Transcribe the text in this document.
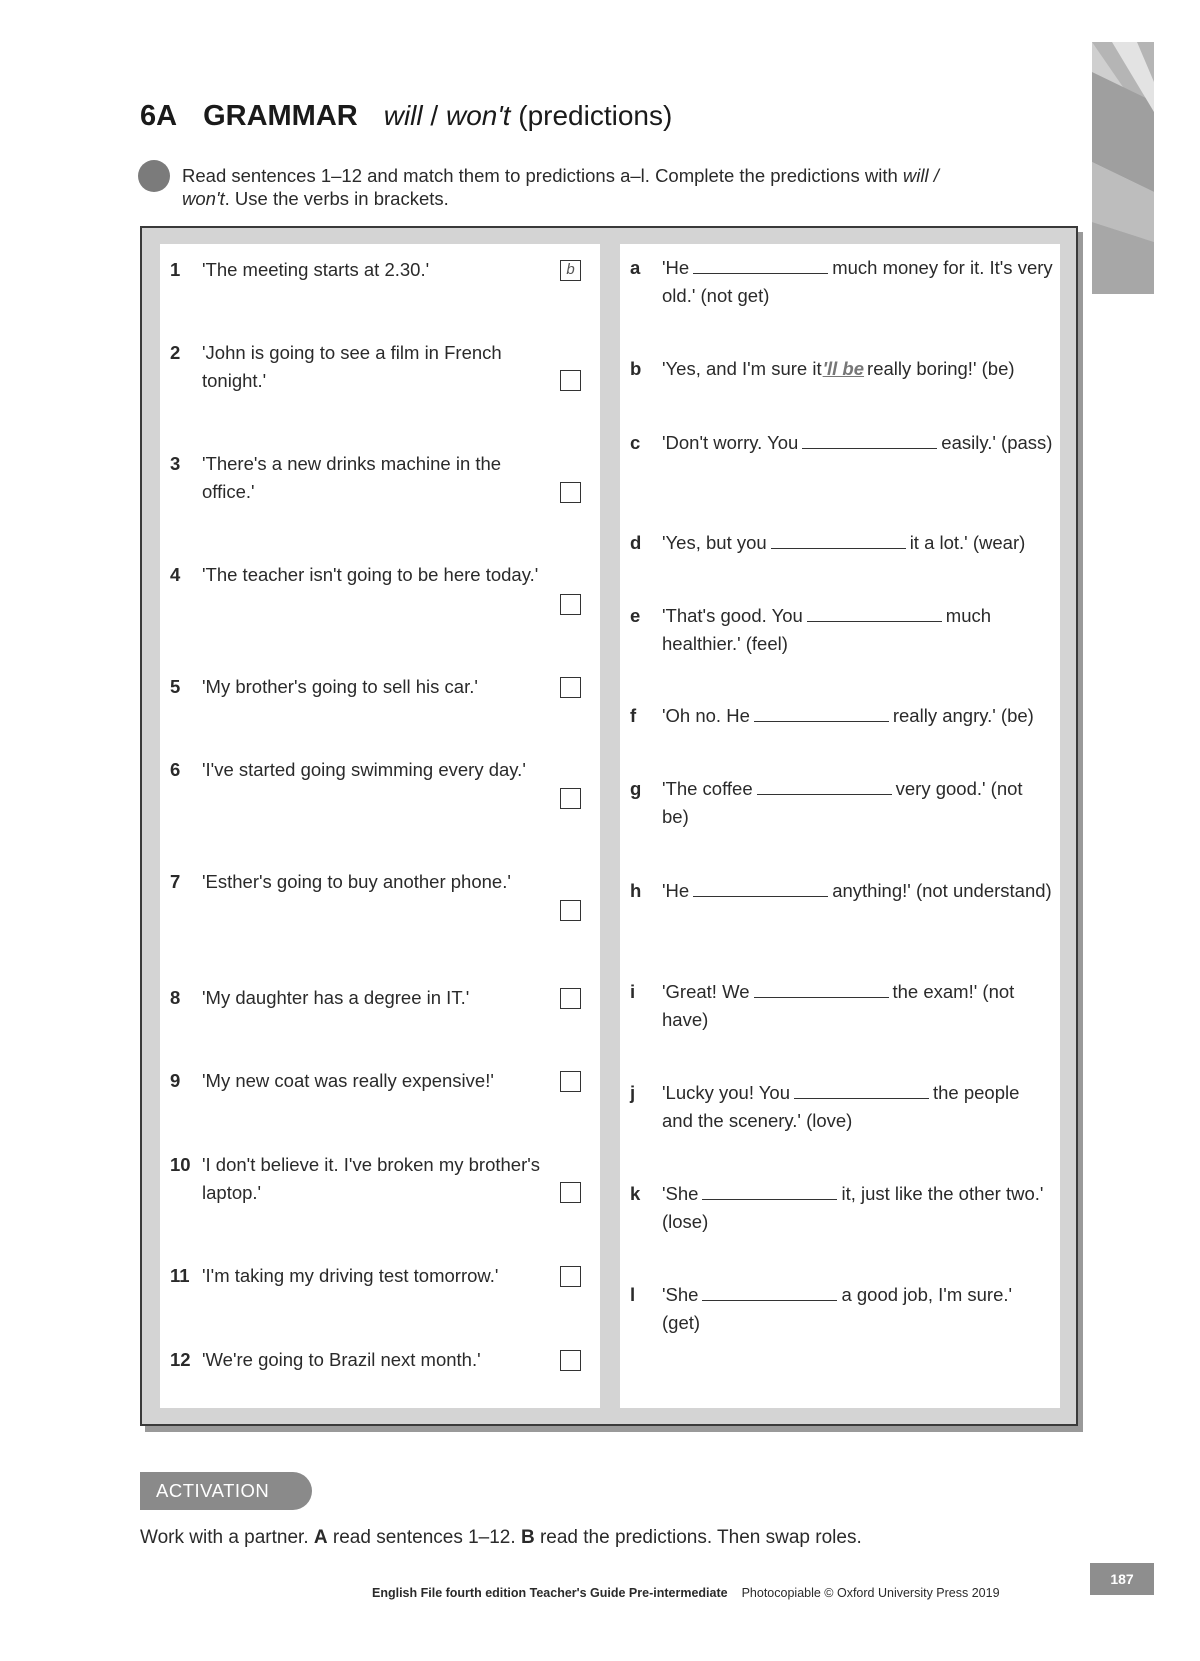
6A GRAMMAR will / won't (predictions)
Read sentences 1–12 and match them to predictions a–l. Complete the predictions with will / won't. Use the verbs in brackets.
1 'The meeting starts at 2.30.'	b
2 'John is going to see a film in French tonight.'
3 'There's a new drinks machine in the office.'
4 'The teacher isn't going to be here today.'
5 'My brother's going to sell his car.'
6 'I've started going swimming every day.'
7 'Esther's going to buy another phone.'
8 'My daughter has a degree in IT.'
9 'My new coat was really expensive!'
10 'I don't believe it. I've broken my brother's laptop.'
11 'I'm taking my driving test tomorrow.'
12 'We're going to Brazil next month.'
a 'He	much money for it. It's very old.' (not get)
b 'Yes, and I'm sure it'll be really boring!' (be)
c 'Don't worry. You	easily.' (pass)
d 'Yes, but you	it a lot.' (wear)
e 'That's good. You	much healthier.' (feel)
f 'Oh no. He	really angry.' (be)
g 'The coffee	very good.' (not be)
h 'He	anything!' (not understand)
i 'Great! We	the exam!' (not have)
j 'Lucky you! You	the people and the scenery.' (love)
k 'She	it, just like the other two.' (lose)
l 'She	a good job, I'm sure.' (get)
ACTIVATION
Work with a partner. A read sentences 1–12. B read the predictions. Then swap roles.
English File fourth edition Teacher's Guide Pre-intermediate Photocopiable © Oxford University Press 2019
187
